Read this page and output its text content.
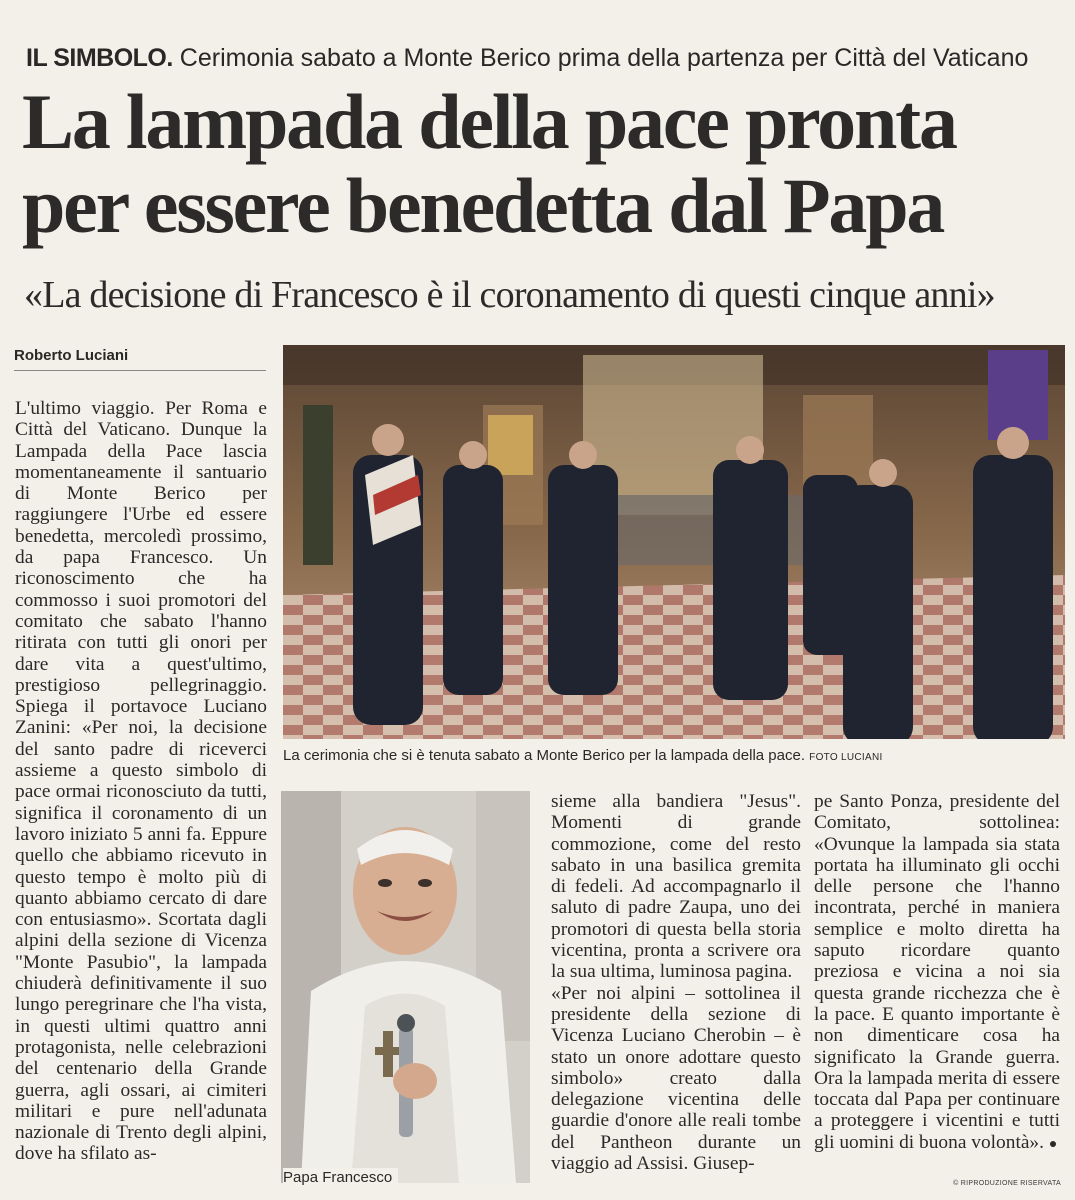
IL SIMBOLO. Cerimonia sabato a Monte Berico prima della partenza per Città del Vaticano
La lampada della pace pronta
per essere benedetta dal Papa
«La decisione di Francesco è il coronamento di questi cinque anni»
Roberto Luciani

L'ultimo viaggio. Per Roma e Città del Vaticano. Dunque la Lampada della Pace lascia momentaneamente il santuario di Monte Berico per raggiungere l'Urbe ed essere benedetta, mercoledì prossimo, da papa Francesco. Un riconoscimento che ha commosso i suoi promotori del comitato che sabato l'hanno ritirata con tutti gli onori per dare vita a quest'ultimo, prestigioso pellegrinaggio. Spiega il portavoce Luciano Zanini: «Per noi, la decisione del santo padre di riceverci assieme a questo simbolo di pace ormai riconosciuto da tutti, significa il coronamento di un lavoro iniziato 5 anni fa. Eppure quello che abbiamo ricevuto in questo tempo è molto più di quanto abbiamo cercato di dare con entusiasmo». Scortata dagli alpini della sezione di Vicenza "Monte Pasubio", la lampada chiuderà definitivamente il suo lungo peregrinare che l'ha vista, in questi ultimi quattro anni protagonista, nelle celebrazioni del centenario della Grande guerra, agli ossari, ai cimiteri militari e pure nell'adunata nazionale di Trento degli alpini, dove ha sfilato as-

La cerimonia che si è tenuta sabato a Monte Berico per la lampada della pace. FOTO LUCIANI
Papa Francesco

sieme alla bandiera "Jesus". Momenti di grande commozione, come del resto sabato in una basilica gremita di fedeli. Ad accompagnarlo il saluto di padre Zaupa, uno dei promotori di questa bella storia vicentina, pronta a scrivere ora la sua ultima, luminosa pagina.

«Per noi alpini – sottolinea il presidente della sezione di Vicenza Luciano Cherobin – è stato un onore adottare questo simbolo» creato dalla delegazione vicentina delle guardie d'onore alle reali tombe del Pantheon durante un viaggio ad Assisi. Giusep-

pe Santo Ponza, presidente del Comitato, sottolinea: «Ovunque la lampada sia stata portata ha illuminato gli occhi delle persone che l'hanno incontrata, perché in maniera semplice e molto diretta ha saputo ricordare quanto preziosa e vicina a noi sia questa grande ricchezza che è la pace. E quanto importante è non dimenticare cosa ha significato la Grande guerra. Ora la lampada merita di essere toccata dal Papa per continuare a proteggere i vicentini e tutti gli uomini di buona volontà». ●

© RIPRODUZIONE RISERVATA
